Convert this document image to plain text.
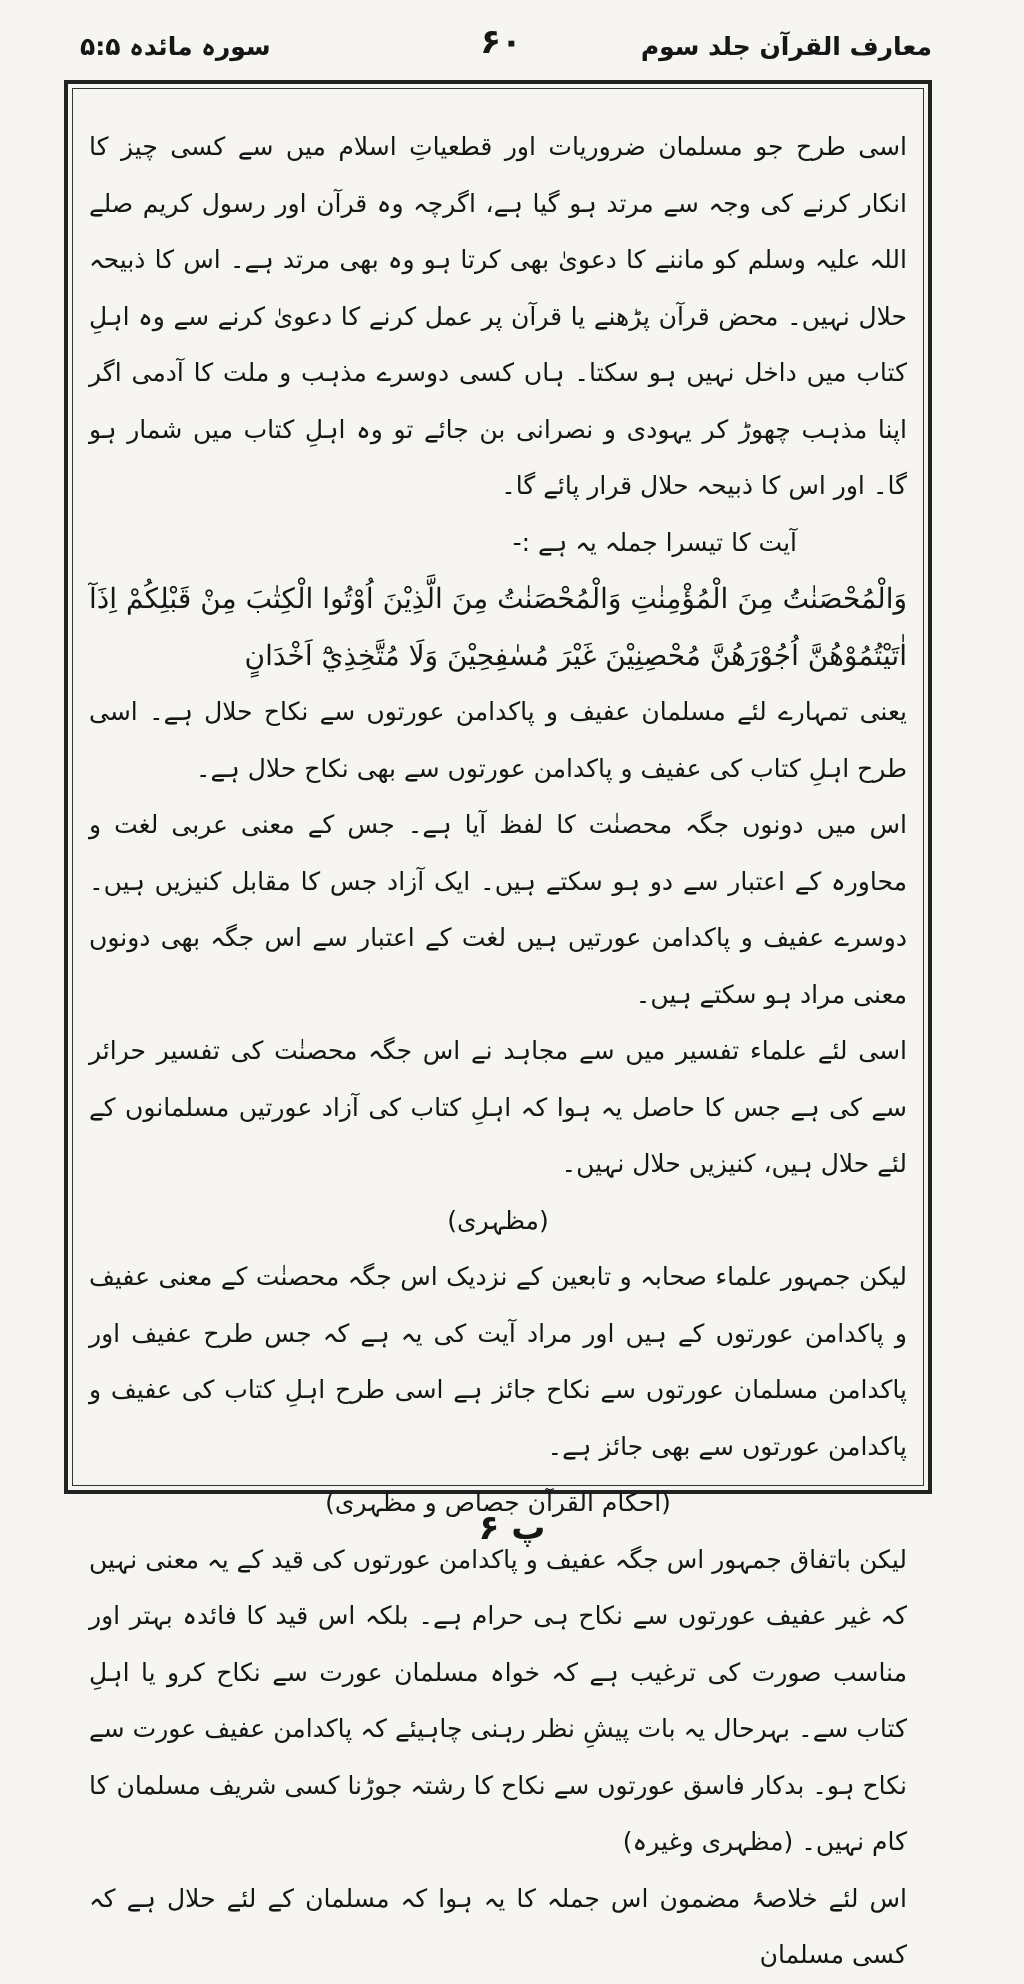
سورہ مائدہ ۵:۵	۶۰	معارف القرآن جلد سوم

اسی طرح جو مسلمان ضروریات اور قطعیاتِ اسلام میں سے کسی چیز کا انکار کرنے کی وجہ سے مرتد ہو گیا ہے، اگرچہ وہ قرآن اور رسول کریم صلے اللہ علیہ وسلم کو ماننے کا دعویٰ بھی کرتا ہو وہ بھی مرتد ہے۔ اس کا ذبیحہ حلال نہیں۔ محض قرآن پڑھنے یا قرآن پر عمل کرنے کا دعویٰ کرنے سے وہ اہلِ کتاب میں داخل نہیں ہو سکتا۔ ہاں کسی دوسرے مذہب و ملت کا آدمی اگر اپنا مذہب چھوڑ کر یہودی و نصرانی بن جائے تو وہ اہلِ کتاب میں شمار ہو گا۔ اور اس کا ذبیحہ حلال قرار پائے گا۔

آیت کا تیسرا جملہ یہ ہے :-

وَالْمُحْصَنٰتُ مِنَ الْمُؤْمِنٰتِ وَالْمُحْصَنٰتُ مِنَ الَّذِيْنَ اُوْتُوا الْكِتٰبَ مِنْ قَبْلِكُمْ اِذَآ اٰتَيْتُمُوْهُنَّ اُجُوْرَهُنَّ مُحْصِنِيْنَ غَيْرَ مُسٰفِحِيْنَ وَلَا مُتَّخِذِيْٓ اَخْدَانٍ

یعنی تمہارے لئے مسلمان عفیف و پاکدامن عورتوں سے نکاح حلال ہے۔ اسی طرح اہلِ کتاب کی عفیف و پاکدامن عورتوں سے بھی نکاح حلال ہے۔

اس میں دونوں جگہ محصنٰت کا لفظ آیا ہے۔ جس کے معنی عربی لغت و محاورہ کے اعتبار سے دو ہو سکتے ہیں۔ ایک آزاد جس کا مقابل کنیزیں ہیں۔ دوسرے عفیف و پاکدامن عورتیں ہیں لغت کے اعتبار سے اس جگہ بھی دونوں معنی مراد ہو سکتے ہیں۔

اسی لئے علماء تفسیر میں سے مجاہد نے اس جگہ محصنٰت کی تفسیر حرائر سے کی ہے جس کا حاصل یہ ہوا کہ اہلِ کتاب کی آزاد عورتیں مسلمانوں کے لئے حلال ہیں، کنیزیں حلال نہیں۔

(مظہری)

لیکن جمہور علماء صحابہ و تابعین کے نزدیک اس جگہ محصنٰت کے معنی عفیف و پاکدامن عورتوں کے ہیں اور مراد آیت کی یہ ہے کہ جس طرح عفیف اور پاکدامن مسلمان عورتوں سے نکاح جائز ہے اسی طرح اہلِ کتاب کی عفیف و پاکدامن عورتوں سے بھی جائز ہے۔

(احکام القرآن جصاص و مظہری)

لیکن باتفاق جمہور اس جگہ عفیف و پاکدامن عورتوں کی قید کے یہ معنی نہیں کہ غیر عفیف عورتوں سے نکاح ہی حرام ہے۔ بلکہ اس قید کا فائدہ بہتر اور مناسب صورت کی ترغیب ہے کہ خواہ مسلمان عورت سے نکاح کرو یا اہلِ کتاب سے۔ بہرحال یہ بات پیشِ نظر رہنی چاہیئے کہ پاکدامن عفیف عورت سے نکاح ہو۔ بدکار فاسق عورتوں سے نکاح کا رشتہ جوڑنا کسی شریف مسلمان کا کام نہیں۔ (مظہری وغیرہ)

اس لئے خلاصۂ مضمون اس جملہ کا یہ ہوا کہ مسلمان کے لئے حلال ہے کہ کسی مسلمان

پ ۶
